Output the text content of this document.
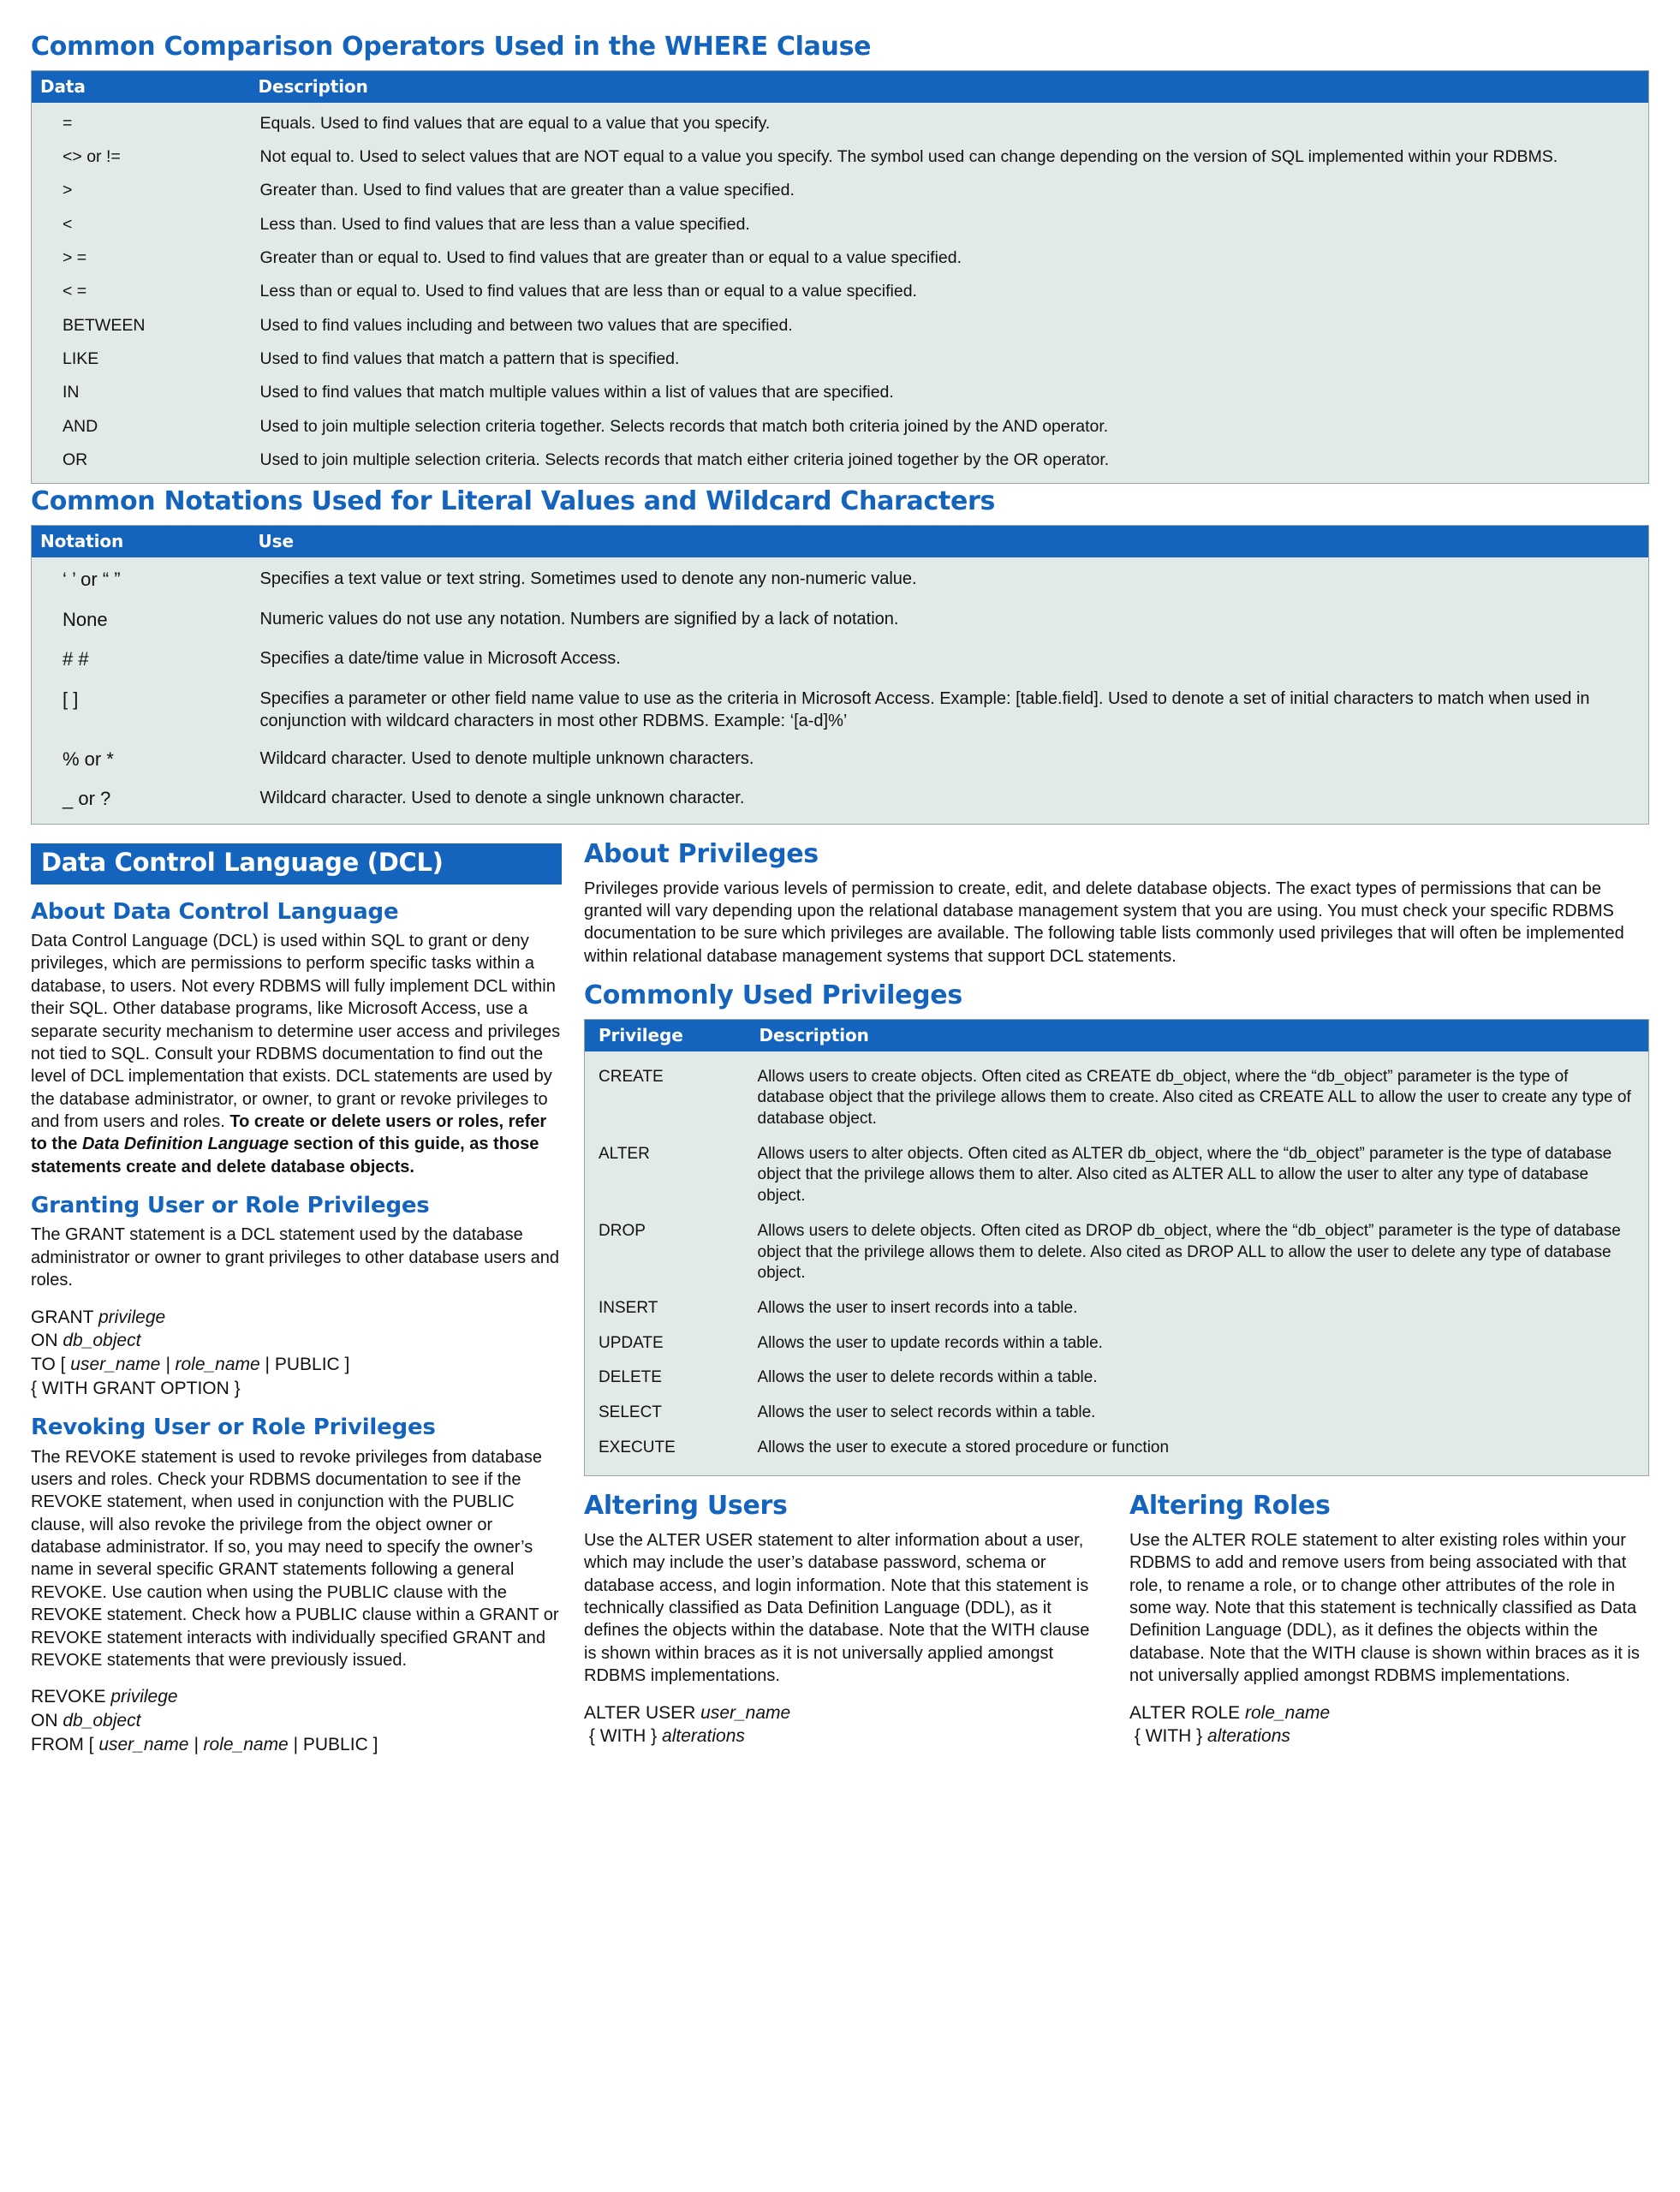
Common Comparison Operators Used in the WHERE Clause
Data	Description
=	Equals. Used to find values that are equal to a value that you specify.
<> or !=	Not equal to. Used to select values that are NOT equal to a value you specify. The symbol used can change depending on the version of SQL implemented within your RDBMS.
>	Greater than. Used to find values that are greater than a value specified.
<	Less than. Used to find values that are less than a value specified.
> =	Greater than or equal to. Used to find values that are greater than or equal to a value specified.
< =	Less than or equal to. Used to find values that are less than or equal to a value specified.
BETWEEN	Used to find values including and between two values that are specified.
LIKE	Used to find values that match a pattern that is specified.
IN	Used to find values that match multiple values within a list of values that are specified.
AND	Used to join multiple selection criteria together. Selects records that match both criteria joined by the AND operator.
OR	Used to join multiple selection criteria. Selects records that match either criteria joined together by the OR operator.
Common Notations Used for Literal Values and Wildcard Characters
Notation	Use
‘ ’ or “ ”	Specifies a text value or text string. Sometimes used to denote any non-numeric value.
None	Numeric values do not use any notation. Numbers are signified by a lack of notation.
# #	Specifies a date/time value in Microsoft Access.
[ ]	Specifies a parameter or other field name value to use as the criteria in Microsoft Access. Example: [table.field]. Used to denote a set of initial characters to match when used in conjunction with wildcard characters in most other RDBMS. Example: ‘[a-d]%’
% or *	Wildcard character. Used to denote multiple unknown characters.
_ or ?	Wildcard character. Used to denote a single unknown character.
Data Control Language (DCL)
About Data Control Language

Data Control Language (DCL) is used within SQL to grant or deny privileges, which are permissions to perform specific tasks within a database, to users. Not every RDBMS will fully implement DCL within their SQL. Other database programs, like Microsoft Access, use a separate security mechanism to determine user access and privileges not tied to SQL. Consult your RDBMS documentation to find out the level of DCL implementation that exists. DCL statements are used by the database administrator, or owner, to grant or revoke privileges to and from users and roles. To create or delete users or roles, refer to the Data Definition Language section of this guide, as those statements create and delete database objects.

Granting User or Role Privileges

The GRANT statement is a DCL statement used by the database administrator or owner to grant privileges to other database users and roles.

GRANT privilege
ON db_object
TO [ user_name | role_name | PUBLIC ]
{ WITH GRANT OPTION }
Revoking User or Role Privileges

The REVOKE statement is used to revoke privileges from database users and roles. Check your RDBMS documentation to see if the REVOKE statement, when used in conjunction with the PUBLIC clause, will also revoke the privilege from the object owner or database administrator. If so, you may need to specify the owner’s name in several specific GRANT statements following a general REVOKE. Use caution when using the PUBLIC clause with the REVOKE statement. Check how a PUBLIC clause within a GRANT or REVOKE statement interacts with individually specified GRANT and REVOKE statements that were previously issued.

REVOKE privilege
ON db_object
FROM [ user_name | role_name | PUBLIC ]
About Privileges

Privileges provide various levels of permission to create, edit, and delete database objects. The exact types of permissions that can be granted will vary depending upon the relational database management system that you are using. You must check your specific RDBMS documentation to be sure which privileges are available. The following table lists commonly used privileges that will often be implemented within relational database management systems that support DCL statements.

Commonly Used Privileges
Privilege	Description
CREATE	Allows users to create objects. Often cited as CREATE db_object, where the “db_object” parameter is the type of database object that the privilege allows them to create. Also cited as CREATE ALL to allow the user to create any type of database object.
ALTER	Allows users to alter objects. Often cited as ALTER db_object, where the “db_object” parameter is the type of database object that the privilege allows them to alter. Also cited as ALTER ALL to allow the user to alter any type of database object.
DROP	Allows users to delete objects. Often cited as DROP db_object, where the “db_object” parameter is the type of database object that the privilege allows them to delete. Also cited as DROP ALL to allow the user to delete any type of database object.
INSERT	Allows the user to insert records into a table.
UPDATE	Allows the user to update records within a table.
DELETE	Allows the user to delete records within a table.
SELECT	Allows the user to select records within a table.
EXECUTE	Allows the user to execute a stored procedure or function
Altering Users

Use the ALTER USER statement to alter information about a user, which may include the user’s database password, schema or database access, and login information. Note that this statement is technically classified as Data Definition Language (DDL), as it defines the objects within the database. Note that the WITH clause is shown within braces as it is not universally applied amongst RDBMS implementations.

ALTER USER user_name
{ WITH } alterations
Altering Roles

Use the ALTER ROLE statement to alter existing roles within your RDBMS to add and remove users from being associated with that role, to rename a role, or to change other attributes of the role in some way. Note that this statement is technically classified as Data Definition Language (DDL), as it defines the objects within the database. Note that the WITH clause is shown within braces as it is not universally applied amongst RDBMS implementations.

ALTER ROLE role_name
{ WITH } alterations
